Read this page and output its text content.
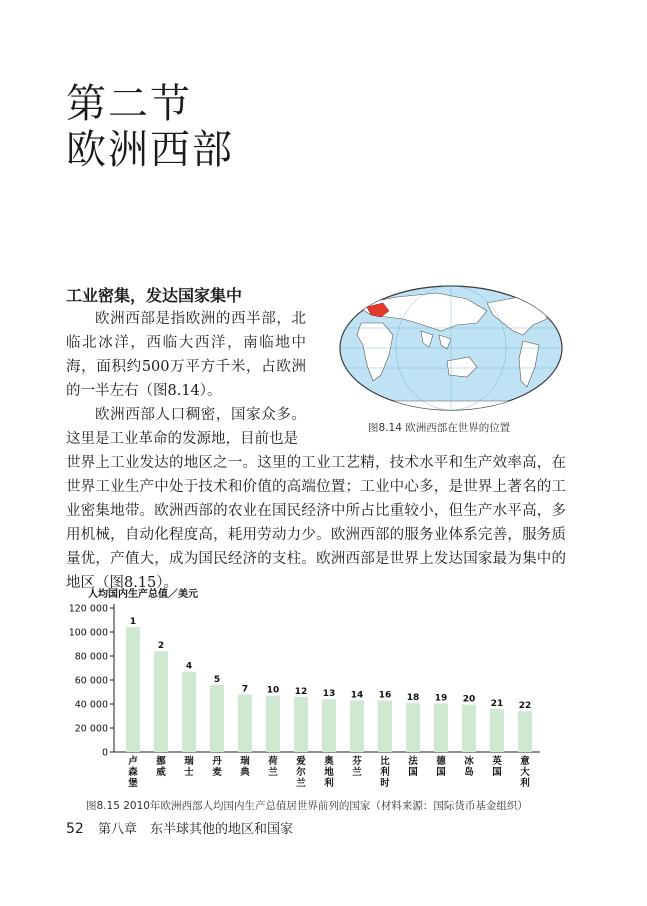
第二节
欧洲西部
工业密集，发达国家集中
欧洲西部是指欧洲的西半部，北临北冰洋，西临大西洋，南临地中海，面积约500万平方千米，占欧洲的一半左右（图8.14）。
欧洲西部人口稠密，国家众多。这里是工业革命的发源地，目前也是
世界上工业发达的地区之一。这里的工业工艺精，技术水平和生产效率高，在世界工业生产中处于技术和价值的高端位置；工业中心多，是世界上著名的工业密集地带。欧洲西部的农业在国民经济中所占比重较小，但生产水平高，多用机械，自动化程度高，耗用劳动力少。欧洲西部的服务业体系完善，服务质量优，产值大，成为国民经济的支柱。欧洲西部是世界上发达国家最为集中的地区（图8.15）。
图8.14 欧洲西部在世界的位置
人均国内生产总值／美元
0
20 000
40 000
60 000
80 000
100 000
120 000
1
卢森堡
2
挪威
4
瑞士
5
丹麦
7
瑞典
10
荷兰
12
爱尔兰
13
奥地利
14
芬兰
16
比利时
18
法国
19
德国
20
冰岛
21
英国
22
意大利
图8.15 2010年欧洲西部人均国内生产总值居世界前列的国家（材料来源：国际货币基金组织）
52 第八章　东半球其他的地区和国家
